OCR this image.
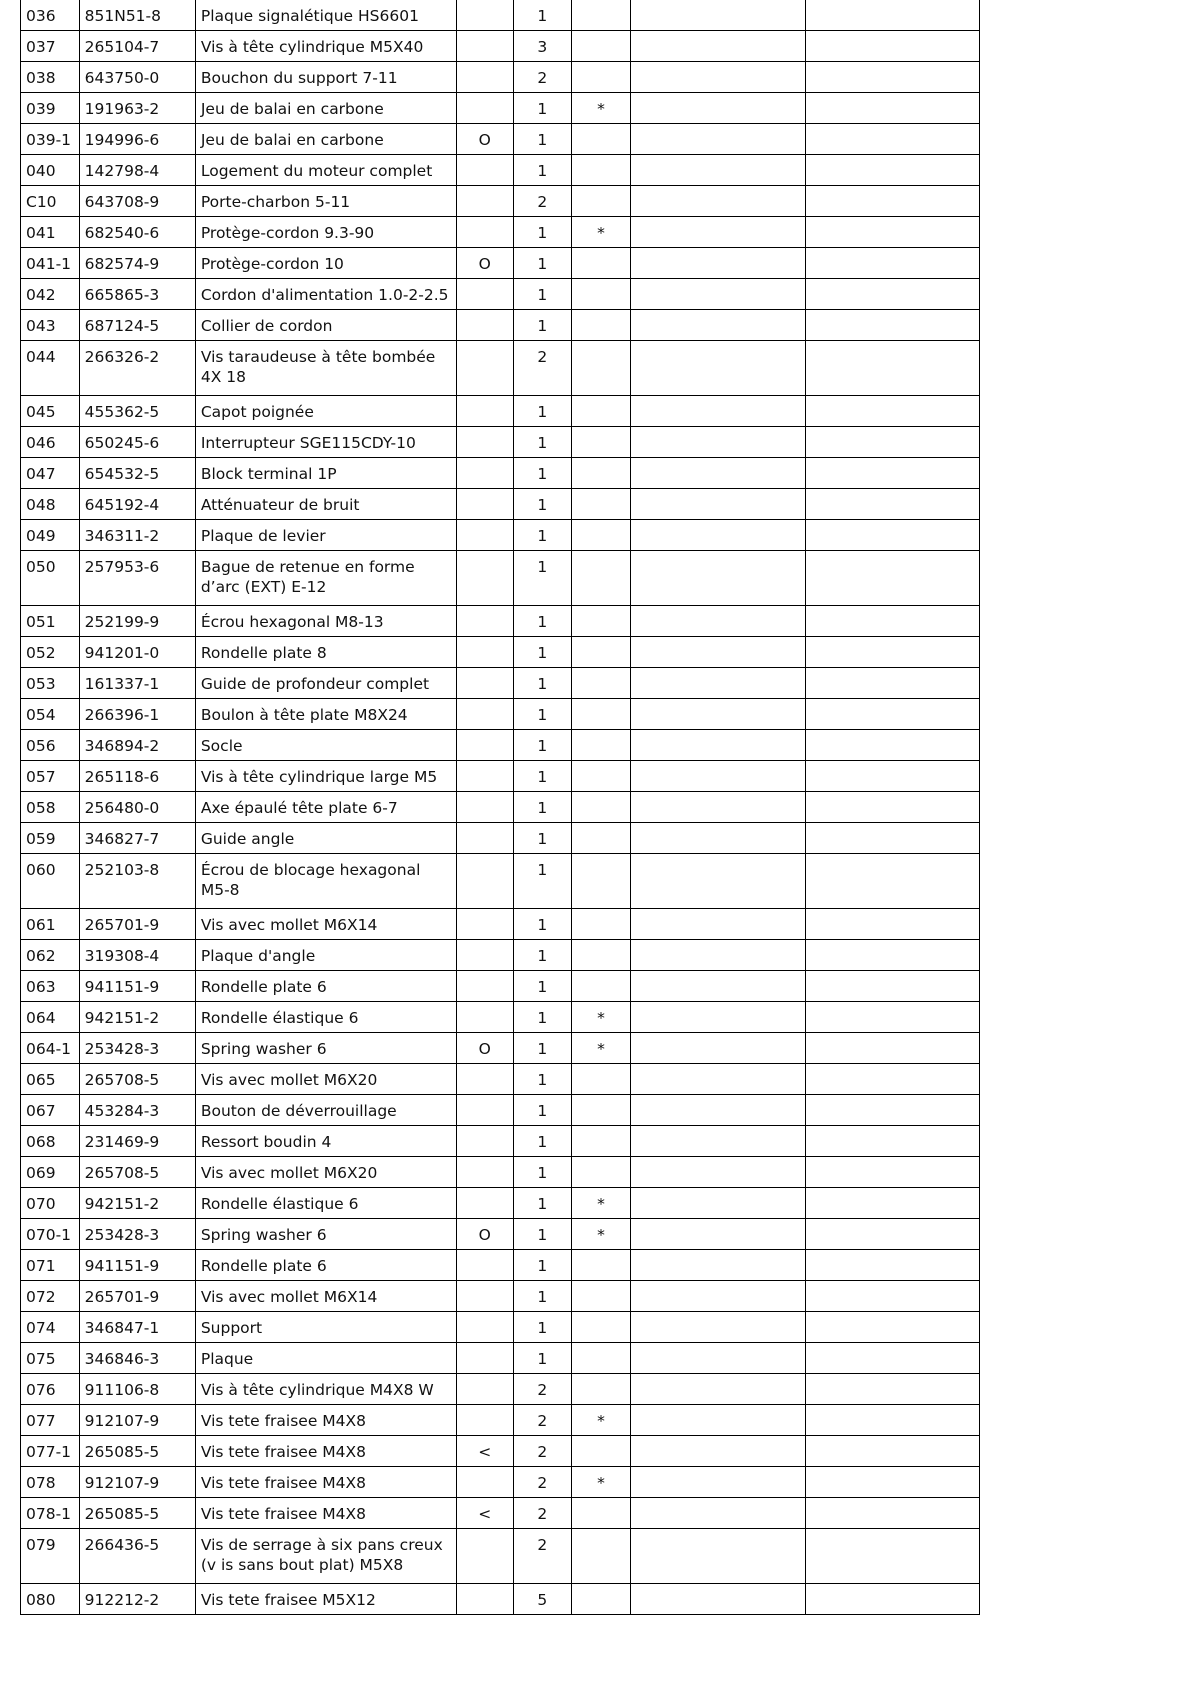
036	851N51-8	Plaque signalétique HS6601		1			
037	265104-7	Vis à tête cylindrique M5X40		3			
038	643750-0	Bouchon du support 7-11		2			
039	191963-2	Jeu de balai en carbone		1	*		
039-1	194996-6	Jeu de balai en carbone	O	1			
040	142798-4	Logement du moteur complet		1			
C10	643708-9	Porte-charbon 5-11		2			
041	682540-6	Protège-cordon 9.3-90		1	*		
041-1	682574-9	Protège-cordon 10	O	1			
042	665865-3	Cordon d'alimentation 1.0-2-2.5		1			
043	687124-5	Collier de cordon		1			
044	266326-2	Vis taraudeuse à tête bombée 4X 18		2			
045	455362-5	Capot poignée		1			
046	650245-6	Interrupteur SGE115CDY-10		1			
047	654532-5	Block terminal 1P		1			
048	645192-4	Atténuateur de bruit		1			
049	346311-2	Plaque de levier		1			
050	257953-6	Bague de retenue en forme d’arc (EXT) E-12		1			
051	252199-9	Écrou hexagonal M8-13		1			
052	941201-0	Rondelle plate 8		1			
053	161337-1	Guide de profondeur complet		1			
054	266396-1	Boulon à tête plate M8X24		1			
056	346894-2	Socle		1			
057	265118-6	Vis à tête cylindrique large M5		1			
058	256480-0	Axe épaulé tête plate 6-7		1			
059	346827-7	Guide angle		1			
060	252103-8	Écrou de blocage hexagonal M5-8		1			
061	265701-9	Vis avec mollet M6X14		1			
062	319308-4	Plaque d'angle		1			
063	941151-9	Rondelle plate 6		1			
064	942151-2	Rondelle élastique 6		1	*		
064-1	253428-3	Spring washer 6	O	1	*		
065	265708-5	Vis avec mollet M6X20		1			
067	453284-3	Bouton de déverrouillage		1			
068	231469-9	Ressort boudin 4		1			
069	265708-5	Vis avec mollet M6X20		1			
070	942151-2	Rondelle élastique 6		1	*		
070-1	253428-3	Spring washer 6	O	1	*		
071	941151-9	Rondelle plate 6		1			
072	265701-9	Vis avec mollet M6X14		1			
074	346847-1	Support		1			
075	346846-3	Plaque		1			
076	911106-8	Vis à tête cylindrique M4X8 W		2			
077	912107-9	Vis tete fraisee M4X8		2	*		
077-1	265085-5	Vis tete fraisee M4X8	<	2			
078	912107-9	Vis tete fraisee M4X8		2	*		
078-1	265085-5	Vis tete fraisee M4X8	<	2			
079	266436-5	Vis de serrage à six pans creux (v is sans bout plat) M5X8		2			
080	912212-2	Vis tete fraisee M5X12		5			
